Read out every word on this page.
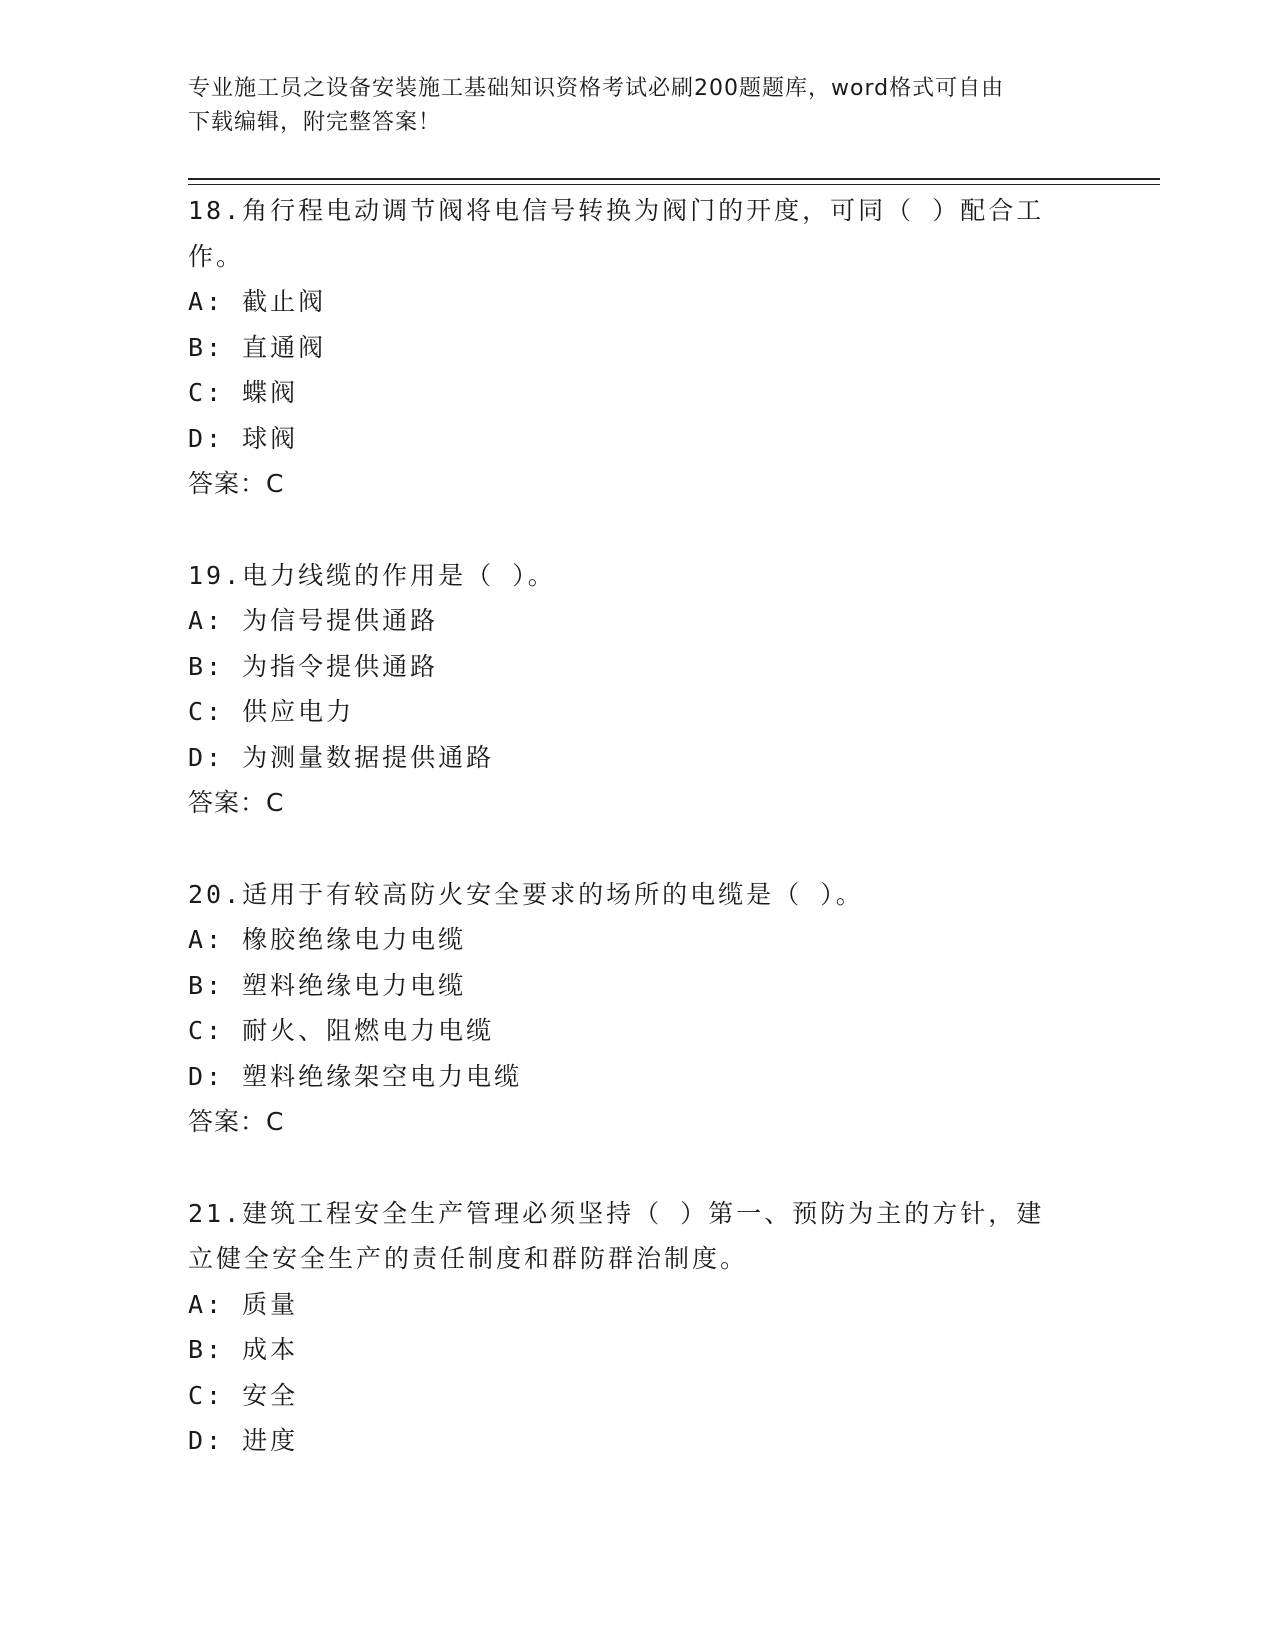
专业施工员之设备安装施工基础知识资格考试必刷200题题库，word格式可自由
下载编辑，附完整答案！
18.角行程电动调节阀将电信号转换为阀门的开度，可同（ ）配合工
作。
A: 截止阀
B: 直通阀
C: 蝶阀
D: 球阀
答案：C
19.电力线缆的作用是（ ）。
A: 为信号提供通路
B: 为指令提供通路
C: 供应电力
D: 为测量数据提供通路
答案：C
20.适用于有较高防火安全要求的场所的电缆是（ ）。
A: 橡胶绝缘电力电缆
B: 塑料绝缘电力电缆
C: 耐火、阻燃电力电缆
D: 塑料绝缘架空电力电缆
答案：C
21.建筑工程安全生产管理必须坚持（ ）第一、预防为主的方针，建
立健全安全生产的责任制度和群防群治制度。
A: 质量
B: 成本
C: 安全
D: 进度
